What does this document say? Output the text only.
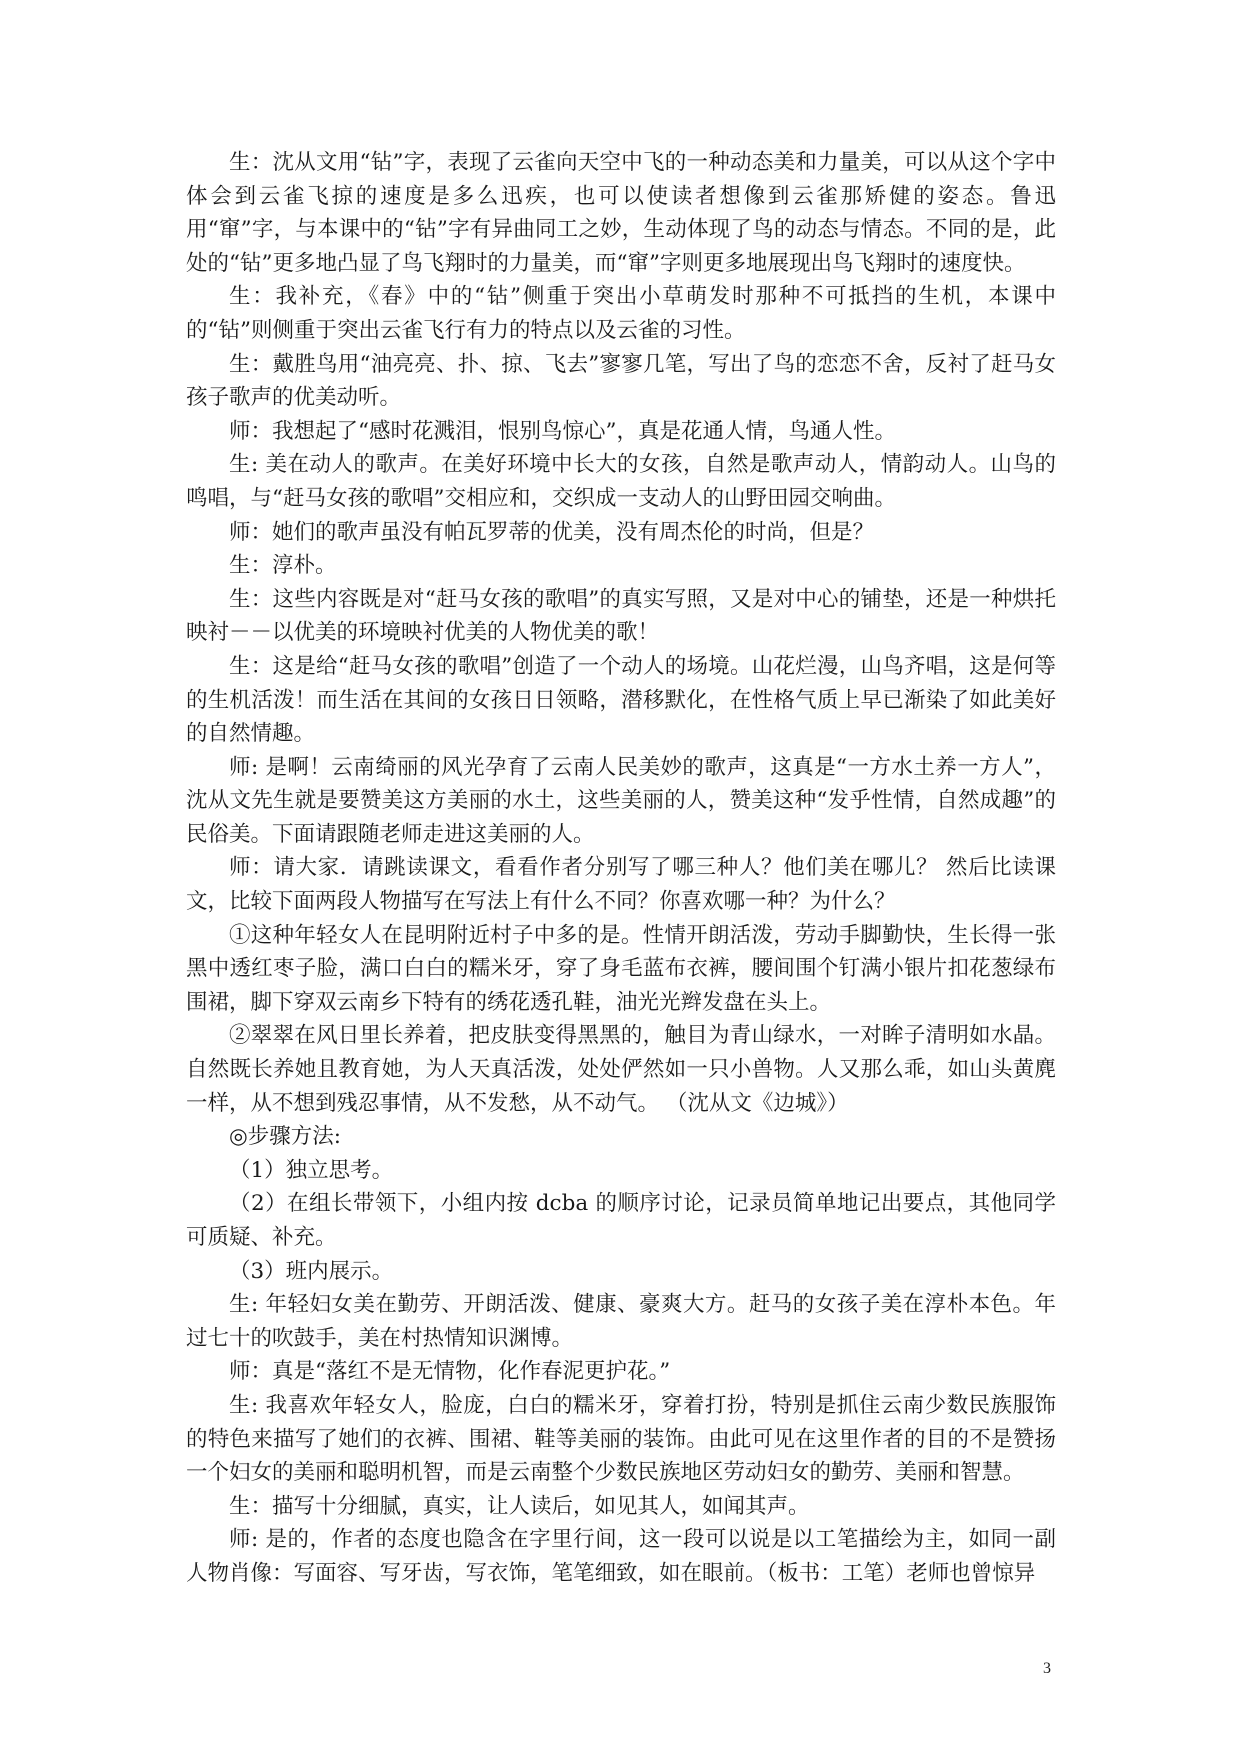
生：沈从文用“钻”字，表现了云雀向天空中飞的一种动态美和力量美，可以从这个字中体会到云雀飞掠的速度是多么迅疾，也可以使读者想像到云雀那矫健的姿态。鲁迅用“窜”字，与本课中的“钻”字有异曲同工之妙，生动体现了鸟的动态与情态。不同的是，此处的“钻”更多地凸显了鸟飞翔时的力量美，而“窜”字则更多地展现出鸟飞翔时的速度快。

生：我补充，《春》中的“钻”侧重于突出小草萌发时那种不可抵挡的生机，本课中的“钻”则侧重于突出云雀飞行有力的特点以及云雀的习性。

生：戴胜鸟用“油亮亮、扑、掠、飞去”寥寥几笔，写出了鸟的恋恋不舍，反衬了赶马女孩子歌声的优美动听。

师：我想起了“感时花溅泪，恨别鸟惊心”，真是花通人情，鸟通人性。

生: 美在动人的歌声。在美好环境中长大的女孩，自然是歌声动人，情韵动人。山鸟的鸣唱，与“赶马女孩的歌唱”交相应和，交织成一支动人的山野田园交响曲。

师：她们的歌声虽没有帕瓦罗蒂的优美，没有周杰伦的时尚，但是？

生：淳朴。

生：这些内容既是对“赶马女孩的歌唱”的真实写照，又是对中心的铺垫，还是一种烘托映衬－－以优美的环境映衬优美的人物优美的歌！

生：这是给“赶马女孩的歌唱”创造了一个动人的场境。山花烂漫，山鸟齐唱，这是何等的生机活泼！而生活在其间的女孩日日领略，潜移默化，在性格气质上早已渐染了如此美好的自然情趣。

师: 是啊！云南绮丽的风光孕育了云南人民美妙的歌声，这真是“一方水土养一方人”，沈从文先生就是要赞美这方美丽的水土，这些美丽的人，赞美这种“发乎性情，自然成趣”的民俗美。下面请跟随老师走进这美丽的人。

师：请大家．请跳读课文，看看作者分别写了哪三种人？他们美在哪儿？ 然后比读课文，比较下面两段人物描写在写法上有什么不同？你喜欢哪一种？为什么？

①这种年轻女人在昆明附近村子中多的是。性情开朗活泼，劳动手脚勤快，生长得一张黑中透红枣子脸，满口白白的糯米牙，穿了身毛蓝布衣裤，腰间围个钉满小银片扣花葱绿布围裙，脚下穿双云南乡下特有的绣花透孔鞋，油光光辫发盘在头上。

②翠翠在风日里长养着，把皮肤变得黑黑的，触目为青山绿水，一对眸子清明如水晶。自然既长养她且教育她，为人天真活泼，处处俨然如一只小兽物。人又那么乖，如山头黄麂一样，从不想到残忍事情，从不发愁，从不动气。 （沈从文《边城》）

◎步骤方法:

（1）独立思考。

（2）在组长带领下，小组内按 dcba 的顺序讨论，记录员简单地记出要点，其他同学可质疑、补充。

（3）班内展示。

生: 年轻妇女美在勤劳、开朗活泼、健康、豪爽大方。赶马的女孩子美在淳朴本色。年过七十的吹鼓手，美在村热情知识渊博。

师：真是“落红不是无情物，化作春泥更护花。”

生: 我喜欢年轻女人，脸庞，白白的糯米牙，穿着打扮，特别是抓住云南少数民族服饰的特色来描写了她们的衣裤、围裙、鞋等美丽的装饰。由此可见在这里作者的目的不是赞扬一个妇女的美丽和聪明机智，而是云南整个少数民族地区劳动妇女的勤劳、美丽和智慧。

生：描写十分细腻，真实，让人读后，如见其人，如闻其声。

师: 是的，作者的态度也隐含在字里行间，这一段可以说是以工笔描绘为主，如同一副人物肖像：写面容、写牙齿，写衣饰，笔笔细致，如在眼前。（板书：工笔）老师也曾惊异

3
